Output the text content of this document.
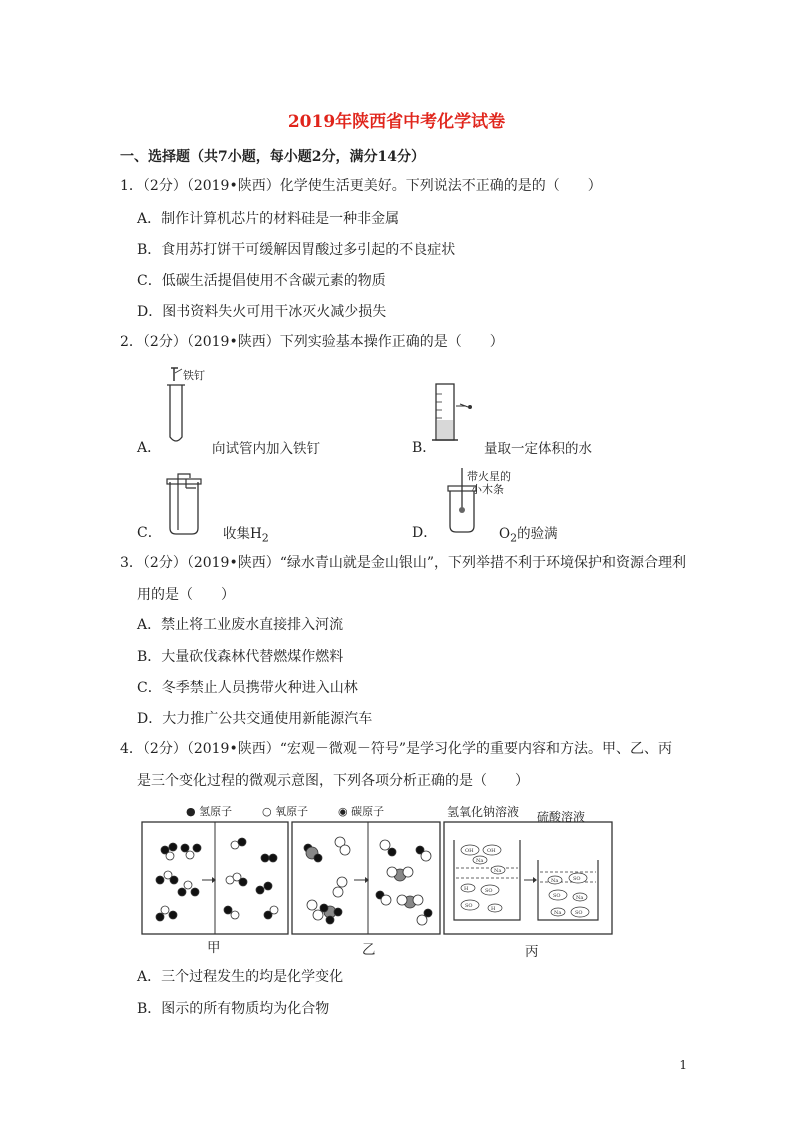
2019年陕西省中考化学试卷
一、选择题（共7小题，每小题2分，满分14分）
1．（2分）（2019•陕西）化学使生活更美好。下列说法不正确的是的（　　）
A．制作计算机芯片的材料硅是一种非金属
B．食用苏打饼干可缓解因胃酸过多引起的不良症状
C．低碳生活提倡使用不含碳元素的物质
D．图书资料失火可用干冰灭火减少损失
2．（2分）（2019•陕西）下列实验基本操作正确的是（　　）
A．
铁钉
向试管内加入铁钉	B．	量取一定体积的水
C．	收集$H_2$	D．
带火星的
小木条
$O_2$的验满
3．（2分）（2019•陕西）“绿水青山就是金山银山”，下列举措不利于环境保护和资源合理利
用的是（　　）
A．禁止将工业废水直接排入河流
B．大量砍伐森林代替燃煤作燃料
C．冬季禁止人员携带火种进入山林
D．大力推广公共交通使用新能源汽车
4．（2分）（2019•陕西）“宏观－微观－符号”是学习化学的重要内容和方法。甲、乙、丙
是三个变化过程的微观示意图，下列各项分析正确的是（　　）
● 氢原子	○ 氧原子	◉ 碳原子	氢氧化钠溶液 硫酸溶液
OH	OH
Na
Na
H	SO
SO	H
Na	SO
SO	Na
Na	SO
甲	乙	丙
A．三个过程发生的均是化学变化
B．图示的所有物质均为化合物
1
